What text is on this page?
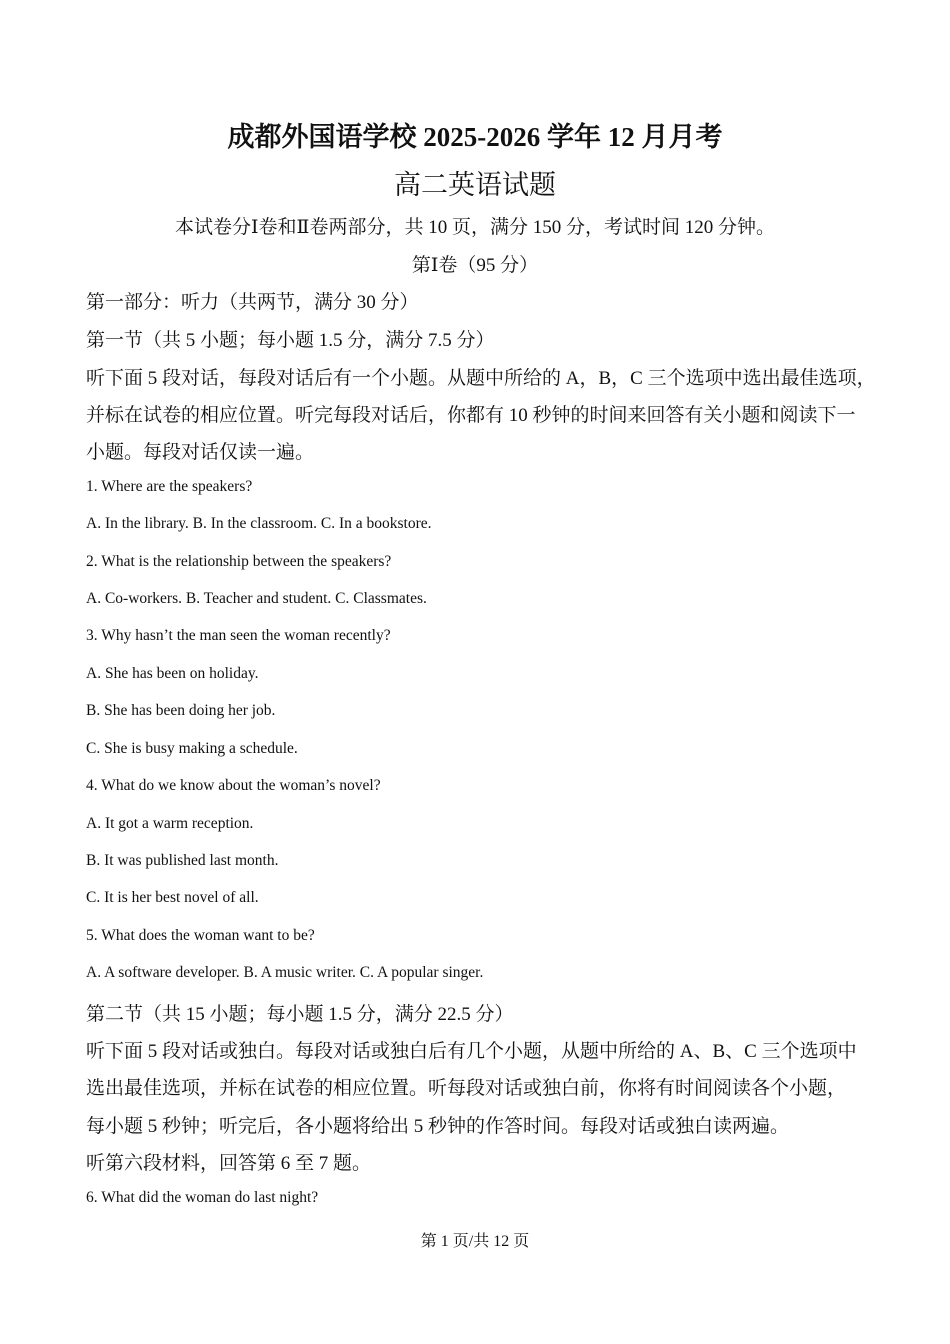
成都外国语学校 2025-2026 学年 12 月月考
高二英语试题
本试卷分Ⅰ卷和Ⅱ卷两部分，共 10 页，满分 150 分，考试时间 120 分钟。
第Ⅰ卷（95 分）
第一部分：听力（共两节，满分 30 分）
第一节（共 5 小题；每小题 1.5 分，满分 7.5 分）
听下面 5 段对话，每段对话后有一个小题。从题中所给的 A，B，C 三个选项中选出最佳选项，
并标在试卷的相应位置。听完每段对话后，你都有 10 秒钟的时间来回答有关小题和阅读下一
小题。每段对话仅读一遍。
1. Where are the speakers?
A. In the library. B. In the classroom. C. In a bookstore.
2. What is the relationship between the speakers?
A. Co-workers. B. Teacher and student. C. Classmates.
3. Why hasn’t the man seen the woman recently?
A. She has been on holiday.
B. She has been doing her job.
C. She is busy making a schedule.
4. What do we know about the woman’s novel?
A. It got a warm reception.
B. It was published last month.
C. It is her best novel of all.
5. What does the woman want to be?
A. A software developer. B. A music writer. C. A popular singer.
第二节（共 15 小题；每小题 1.5 分，满分 22.5 分）
听下面 5 段对话或独白。每段对话或独白后有几个小题，从题中所给的 A、B、C 三个选项中
选出最佳选项，并标在试卷的相应位置。听每段对话或独白前，你将有时间阅读各个小题，
每小题 5 秒钟；听完后，各小题将给出 5 秒钟的作答时间。每段对话或独白读两遍。
听第六段材料，回答第 6 至 7 题。
6. What did the woman do last night?
第 1 页/共 12 页
